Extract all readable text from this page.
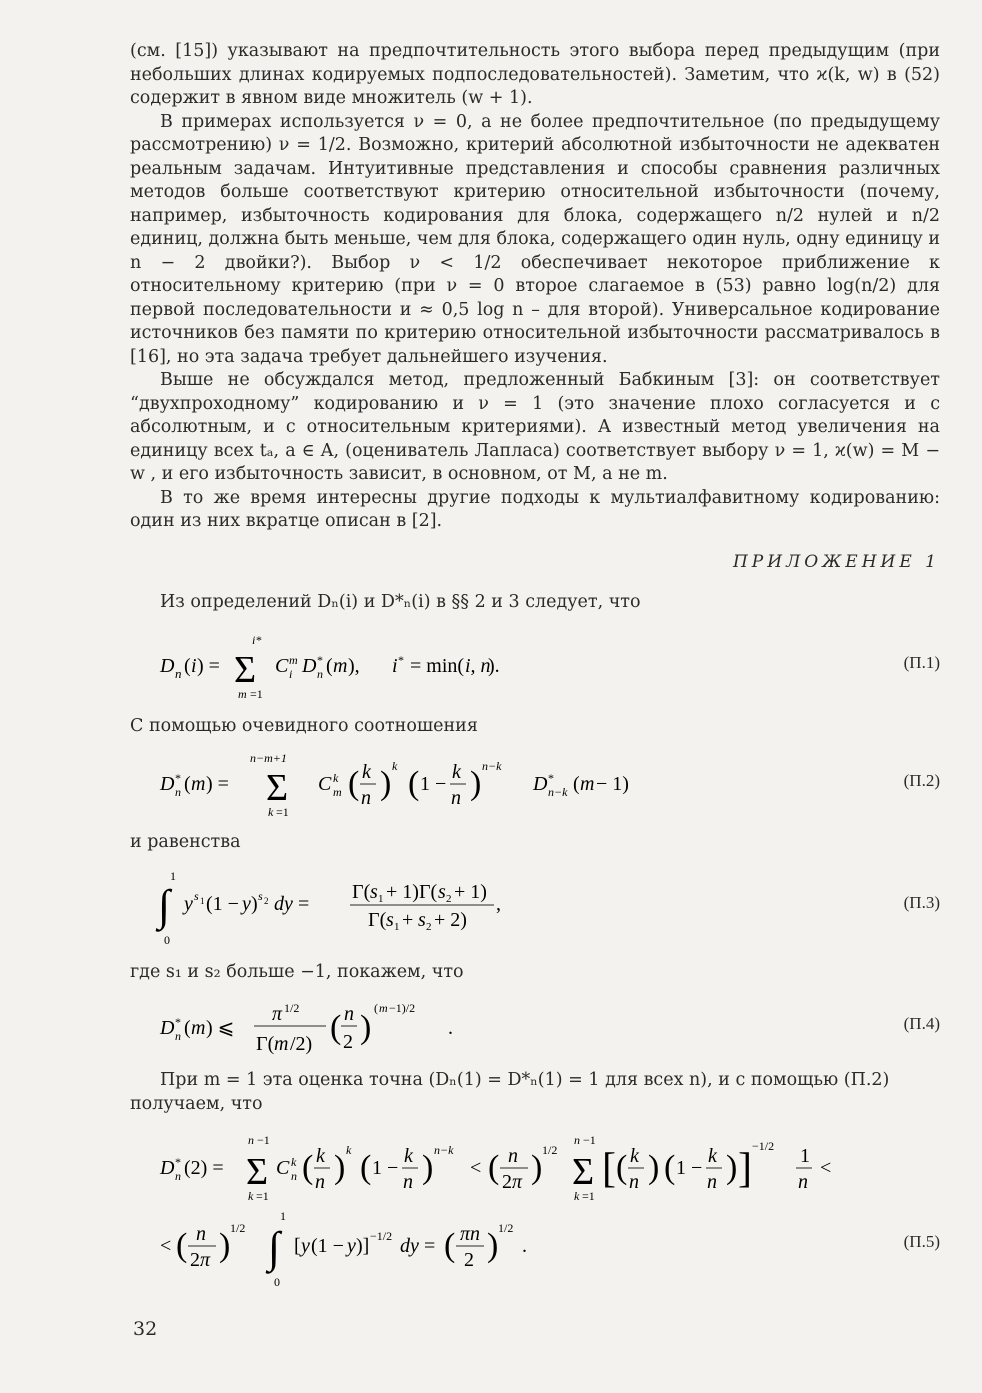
(см. [15]) указывают на предпочтительность этого выбора перед предыдущим (при небольших длинах кодируемых подпоследовательностей). Заметим, что ϰ(k, w) в (52) содержит в явном виде множитель (w + 1).

В примерах используется ν = 0, а не более предпочтительное (по предыдущему рассмотрению) ν = 1/2. Возможно, критерий абсолютной избыточности не адекватен реальным задачам. Интуитивные представления и способы сравнения различных методов больше соответствуют критерию относительной избыточности (почему, например, избыточность кодирования для блока, содержащего n/2 нулей и n/2 единиц, должна быть меньше, чем для блока, содержащего один нуль, одну единицу и n − 2 двойки?). Выбор ν < 1/2 обеспечивает некоторое приближение к относительному критерию (при ν = 0 второе слагаемое в (53) равно log(n/2) для первой последовательности и ≈ 0,5 log n – для второй). Универсальное кодирование источников без памяти по критерию относительной избыточности рассматривалось в [16], но эта задача требует дальнейшего изучения.

Выше не обсуждался метод, предложенный Бабкиным [3]: он соответствует “двухпроходному” кодированию и ν = 1 (это значение плохо согласуется и с абсолютным, и с относительным критериями). А известный метод увеличения на единицу всех tₐ, a ∈ A, (оцениватель Лапласа) соответствует выбору ν = 1, ϰ(w) = M − w , и его избыточность зависит, в основном, от M, а не m.

В то же время интересны другие подходы к мультиалфавитному кодированию: один из них вкратце описан в [2].

ПРИЛОЖЕНИЕ 1
Из определений Dₙ(i) и D*ₙ(i) в §§ 2 и 3 следует, что
D n ( i ) = Σ
i*
m =1
C m
i D *
n ( m ), i * = min( i, n
).	(П.1)
С помощью очевидного соотношения
D *
n ( m ) =
n−m+1
Σ
k =1
C k
m ( k
n ) k ( 1 −
k
n ) n−k
D *
n−k ( m − 1)	(П.2)
и равенства
1
∫
0
y s 1 (1 − y ) s 2 dy =
Γ( s 1 + 1)Γ( s 2 + 1)
Γ( s 1 + s 2 + 2)
,	(П.3)
где s₁ и s₂ больше −1, покажем, что
D *
n ( m ) ⩽
π 1/2
Γ( m /2) ( n
2 )
( m −1)/2
.	(П.4)
При m = 1 эта оценка точна (Dₙ(1) = D*ₙ(1) = 1 для всех n), и с помощью (П.2)
получаем, что
D *
n (2) =
n −1
Σ
k =1
C k
n ( k
n ) k ( 1 −
k
n ) n−k
< ( n
2 π ) 1/2
n −1
Σ
k =1
[ ( k
n ) ( 1 −
k
n ) ] −1/2 1
n
<
< ( n
2 π ) 1/2
1
∫
0
[ y (1 − y )] −1/2 dy = ( πn
2 ) 1/2
.	(П.5)
32
